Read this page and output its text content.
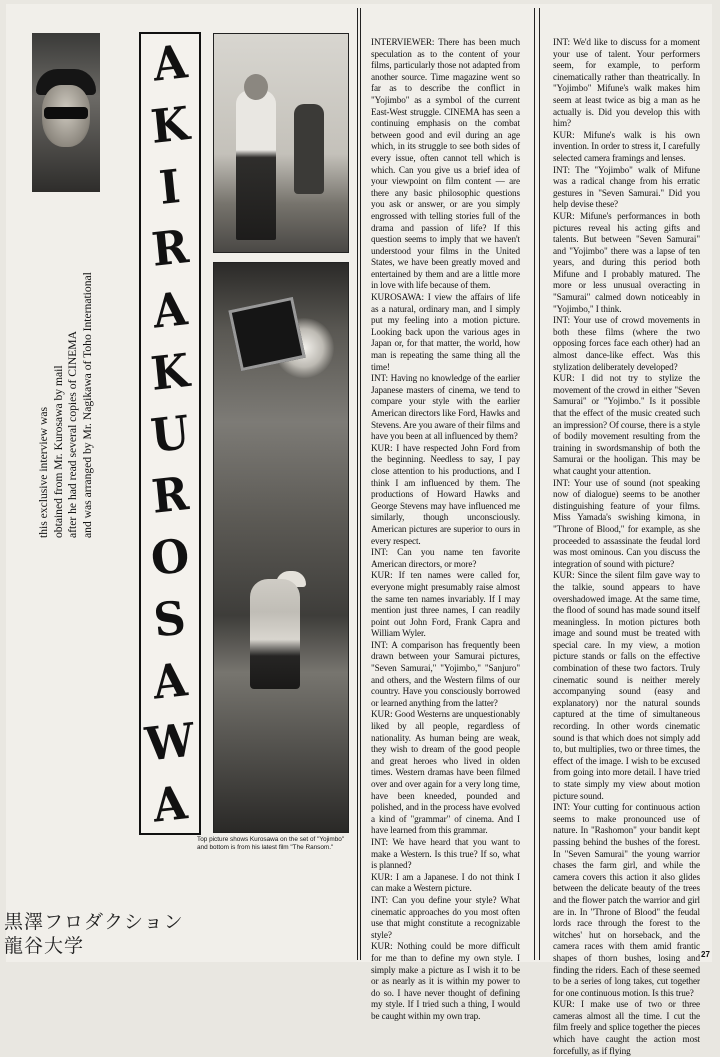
this exclusive interview was obtained from Mr. Kurosawa by mail after he had read several copies of CINEMA and was arranged by Mr. Nagikawa of Toho International
A
K
I
R
A
K
U
R
O
S
A
W
A
Top picture shows Kurosawa on the set of "Yojimbo" and bottom is from his latest film "The Ransom."

INTERVIEWER: There has been much speculation as to the content of your films, particularly those not adapted from another source. Time magazine went so far as to describe the conflict in "Yojimbo" as a symbol of the current East-West struggle. CINEMA has seen a continuing emphasis on the combat between good and evil during an age which, in its struggle to see both sides of every issue, often cannot tell which is which. Can you give us a brief idea of your viewpoint on film content — are there any basic philosophic questions you ask or answer, or are you simply engrossed with telling stories full of the drama and passion of life? If this question seems to imply that we haven't understood your films in the United States, we have been greatly moved and entertained by them and are a little more in love with life because of them.

KUROSAWA: I view the affairs of life as a natural, ordinary man, and I simply put my feeling into a motion picture. Looking back upon the various ages in Japan or, for that matter, the world, how man is repeating the same thing all the time!

INT: Having no knowledge of the earlier Japanese masters of cinema, we tend to compare your style with the earlier American directors like Ford, Hawks and Stevens. Are you aware of their films and have you been at all influenced by them?

KUR: I have respected John Ford from the beginning. Needless to say, I pay close attention to his productions, and I think I am influenced by them. The productions of Howard Hawks and George Stevens may have influenced me similarly, though unconsciously. American pictures are superior to ours in every respect.

INT: Can you name ten favorite American directors, or more?

KUR: If ten names were called for, everyone might presumably raise almost the same ten names invariably. If I may mention just three names, I can readily point out John Ford, Frank Capra and William Wyler.

INT: A comparison has frequently been drawn between your Samurai pictures, "Seven Samurai," "Yojimbo," "Sanjuro" and others, and the Western films of our country. Have you consciously borrowed or learned anything from the latter?

KUR: Good Westerns are unquestionably liked by all people, regardless of nationality. As human being are weak, they wish to dream of the good people and great heroes who lived in olden times. Western dramas have been filmed over and over again for a very long time, have been kneeded, pounded and polished, and in the process have evolved a kind of "grammar" of cinema. And I have learned from this grammar.

INT: We have heard that you want to make a Western. Is this true? If so, what is planned?

KUR: I am a Japanese. I do not think I can make a Western picture.

INT: Can you define your style? What cinematic approaches do you most often use that might constitute a recognizable style?

KUR: Nothing could be more difficult for me than to define my own style. I simply make a picture as I wish it to be or as nearly as it is within my power to do so. I have never thought of defining my style. If I tried such a thing, I would be caught within my own trap.

INT: We'd like to discuss for a moment your use of talent. Your performers seem, for example, to perform cinematically rather than theatrically. In "Yojimbo" Mifune's walk makes him seem at least twice as big a man as he actually is. Did you develop this with him?

KUR: Mifune's walk is his own invention. In order to stress it, I carefully selected camera framings and lenses.

INT: The "Yojimbo" walk of Mifune was a radical change from his erratic gestures in "Seven Samurai." Did you help devise these?

KUR: Mifune's performances in both pictures reveal his acting gifts and talents. But between "Seven Samurai" and "Yojimbo" there was a lapse of ten years, and during this period both Mifune and I probably matured. The more or less unusual overacting in "Samurai" calmed down noticeably in "Yojimbo," I think.

INT: Your use of crowd movements in both these films (where the two opposing forces face each other) had an almost dance-like effect. Was this stylization deliberately developed?

KUR: I did not try to stylize the movement of the crowd in either "Seven Samurai" or "Yojimbo." Is it possible that the effect of the music created such an impression? Of course, there is a style of bodily movement resulting from the training in swordsmanship of both the Samurai or the hooligan. This may be what caught your attention.

INT: Your use of sound (not speaking now of dialogue) seems to be another distinguishing feature of your films. Miss Yamada's swishing kimona, in "Throne of Blood," for example, as she proceeded to assassinate the feudal lord was most ominous. Can you discuss the integration of sound with picture?

KUR: Since the silent film gave way to the talkie, sound appears to have overshadowed image. At the same time, the flood of sound has made sound itself meaningless. In motion pictures both image and sound must be treated with special care. In my view, a motion picture stands or falls on the effective combination of these two factors. Truly cinematic sound is neither merely accompanying sound (easy and explanatory) nor the natural sounds captured at the time of simultaneous recording. In other words cinematic sound is that which does not simply add to, but multiplies, two or three times, the effect of the image. I wish to be excused from going into more detail. I have tried to state simply my view about motion picture sound.

INT: Your cutting for continuous action seems to make pronounced use of nature. In "Rashomon" your bandit kept passing behind the bushes of the forest. In "Seven Samurai" the young warrior chases the farm girl, and while the camera covers this action it also glides between the delicate beauty of the trees and the flower patch the warrior and girl are in. In "Throne of Blood" the feudal lords race through the forest to the witches' hut on horseback, and the camera races with them amid frantic shapes of thorn bushes, losing and finding the riders. Each of these seemed to be a series of long takes, cut together for one continuous motion. Is this true?

KUR: I make use of two or three cameras almost all the time. I cut the film freely and splice together the pieces which have caught the action most forcefully, as if flying

27
黒澤フロダクション
龍谷大学
